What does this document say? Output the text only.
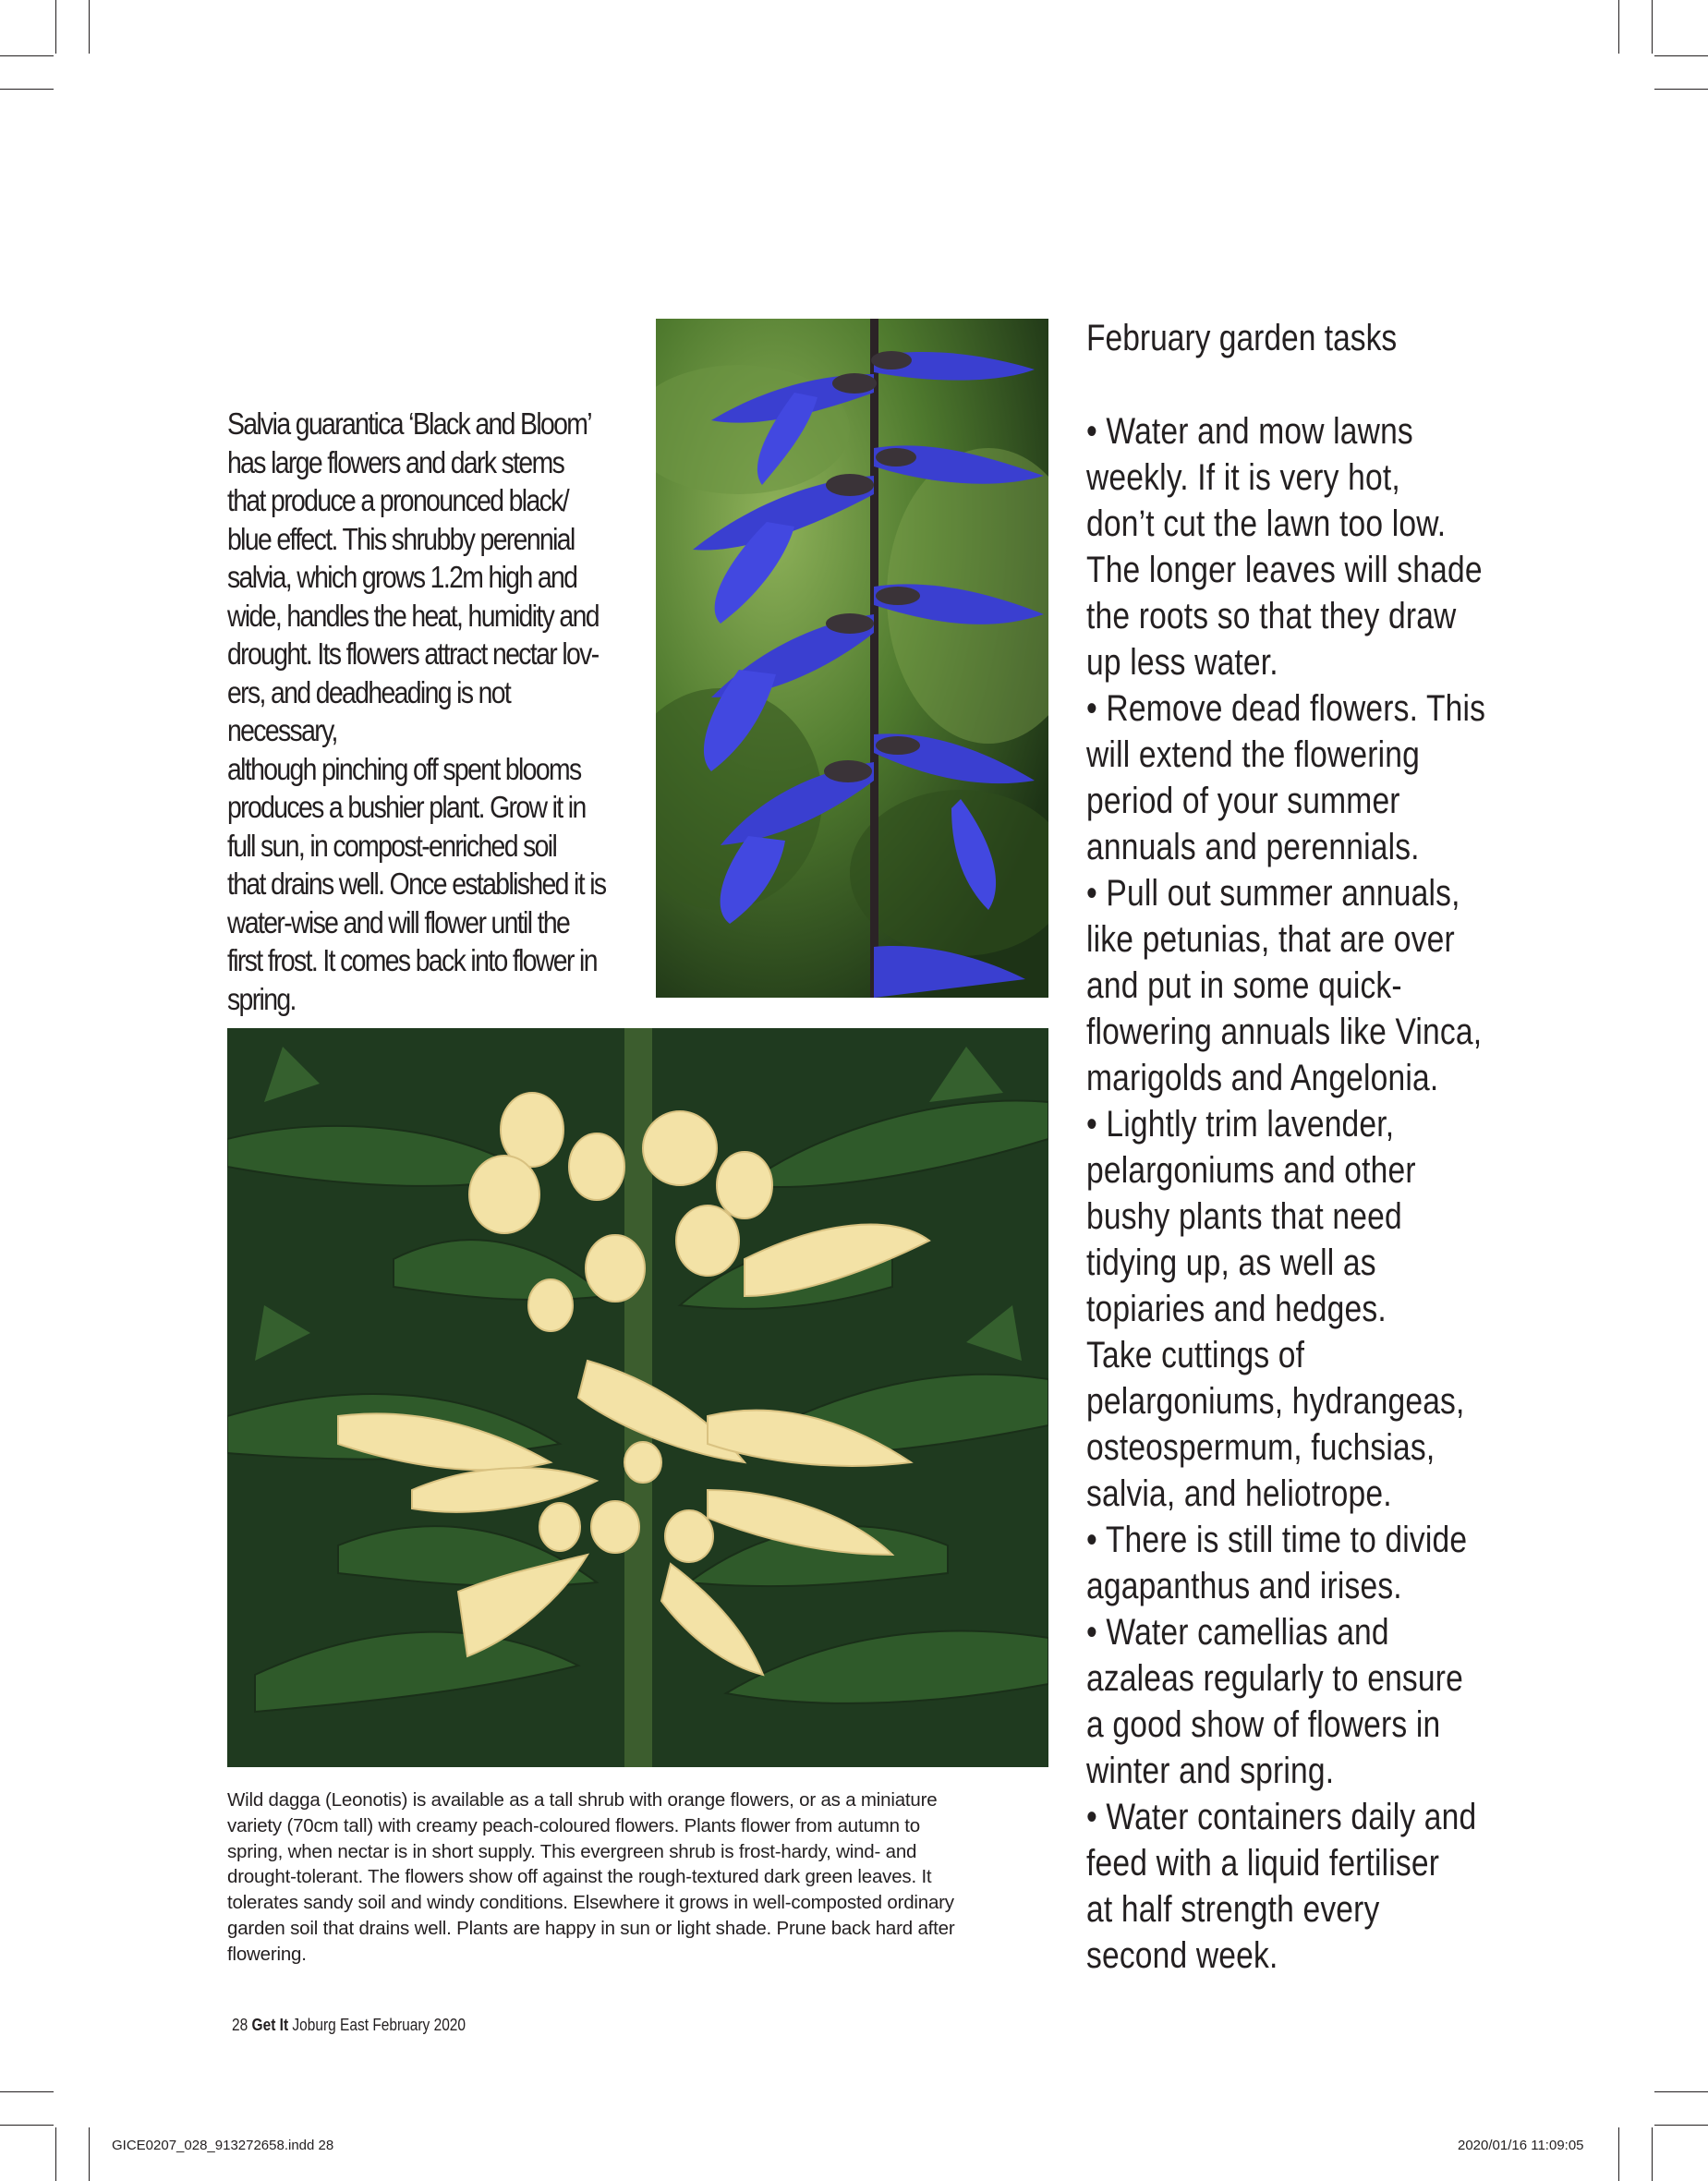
Salvia guarantica ‘Black and Bloom’
has large flowers and dark stems
that produce a pronounced black/
blue effect. This shrubby perennial
salvia, which grows 1.2m high and
wide, handles the heat, humidity and
drought. Its flowers attract nectar lov-
ers, and deadheading is not necessary,
although pinching off spent blooms
produces a bushier plant. Grow it in
full sun, in compost-enriched soil
that drains well. Once established it is
water-wise and will flower until the
first frost. It comes back into flower in
spring.
Wild dagga (Leonotis) is available as a tall shrub with orange flowers, or as a miniature
variety (70cm tall) with creamy peach-coloured flowers. Plants flower from autumn to
spring, when nectar is in short supply. This evergreen shrub is frost-hardy, wind- and
drought-tolerant. The flowers show off against the rough-textured dark green leaves. It
tolerates sandy soil and windy conditions. Elsewhere it grows in well-composted ordinary
garden soil that drains well. Plants are happy in sun or light shade. Prune back hard after
flowering.
February garden tasks
• Water and mow lawns
weekly. If it is very hot,
don’t cut the lawn too low.
The longer leaves will shade
the roots so that they draw
up less water.
• Remove dead flowers. This
will extend the flowering
period of your summer
annuals and perennials.
• Pull out summer annuals,
like petunias, that are over
and put in some quick-
flowering annuals like Vinca,
marigolds and Angelonia.
• Lightly trim lavender,
pelargoniums and other
bushy plants that need
tidying up, as well as
topiaries and hedges.
Take cuttings of
pelargoniums, hydrangeas,
osteospermum, fuchsias,
salvia, and heliotrope.
• There is still time to divide
agapanthus and irises.
• Water camellias and
azaleas regularly to ensure
a good show of flowers in
winter and spring.
• Water containers daily and
feed with a liquid fertiliser
at half strength every
second week.
28 Get It Joburg East February 2020
GICE0207_028_913272658.indd 28	2020/01/16 11:09:05
